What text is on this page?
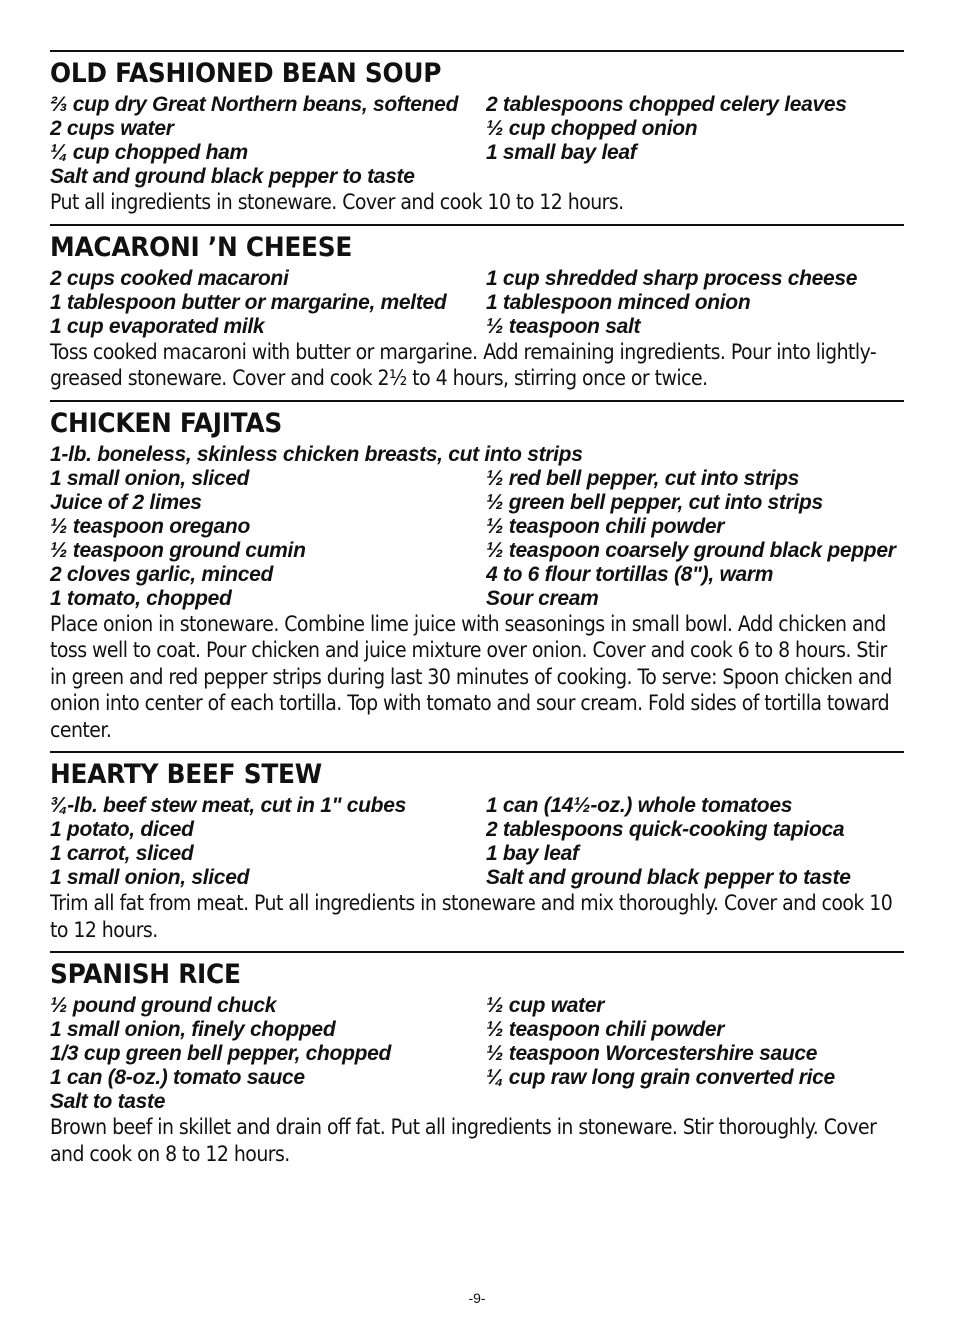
OLD FASHIONED BEAN SOUP
⅔ cup dry Great Northern beans, softened	2 tablespoons chopped celery leaves
2 cups water	½ cup chopped onion
¼ cup chopped ham	1 small bay leaf
Salt and ground black pepper to taste
Put all ingredients in stoneware. Cover and cook 10 to 12 hours.
MACARONI ’N CHEESE
2 cups cooked macaroni	1 cup shredded sharp process cheese
1 tablespoon butter or margarine, melted	1 tablespoon minced onion
1 cup evaporated milk	½ teaspoon salt
Toss cooked macaroni with butter or margarine. Add remaining ingredients. Pour into lightly-greased stoneware. Cover and cook 2½ to 4 hours, stirring once or twice.
CHICKEN FAJITAS
1-lb. boneless, skinless chicken breasts, cut into strips
1 small onion, sliced	½ red bell pepper, cut into strips
Juice of 2 limes	½ green bell pepper, cut into strips
½ teaspoon oregano	½ teaspoon chili powder
½ teaspoon ground cumin	½ teaspoon coarsely ground black pepper
2 cloves garlic, minced	4 to 6 flour tortillas (8"), warm
1 tomato, chopped	Sour cream
Place onion in stoneware. Combine lime juice with seasonings in small bowl. Add chicken and toss well to coat. Pour chicken and juice mixture over onion. Cover and cook 6 to 8 hours. Stir in green and red pepper strips during last 30 minutes of cooking. To serve: Spoon chicken and onion into center of each tortilla. Top with tomato and sour cream. Fold sides of tortilla toward center.
HEARTY BEEF STEW
¾-lb. beef stew meat, cut in 1" cubes	1 can (14½-oz.) whole tomatoes
1 potato, diced	2 tablespoons quick-cooking tapioca
1 carrot, sliced	1 bay leaf
1 small onion, sliced	Salt and ground black pepper to taste
Trim all fat from meat. Put all ingredients in stoneware and mix thoroughly. Cover and cook 10 to 12 hours.
SPANISH RICE
½ pound ground chuck	½ cup water
1 small onion, finely chopped	½ teaspoon chili powder
1/3 cup green bell pepper, chopped	½ teaspoon Worcestershire sauce
1 can (8-oz.) tomato sauce	¼ cup raw long grain converted rice
Salt to taste
Brown beef in skillet and drain off fat. Put all ingredients in stoneware. Stir thoroughly. Cover and cook on 8 to 12 hours.
-9-
